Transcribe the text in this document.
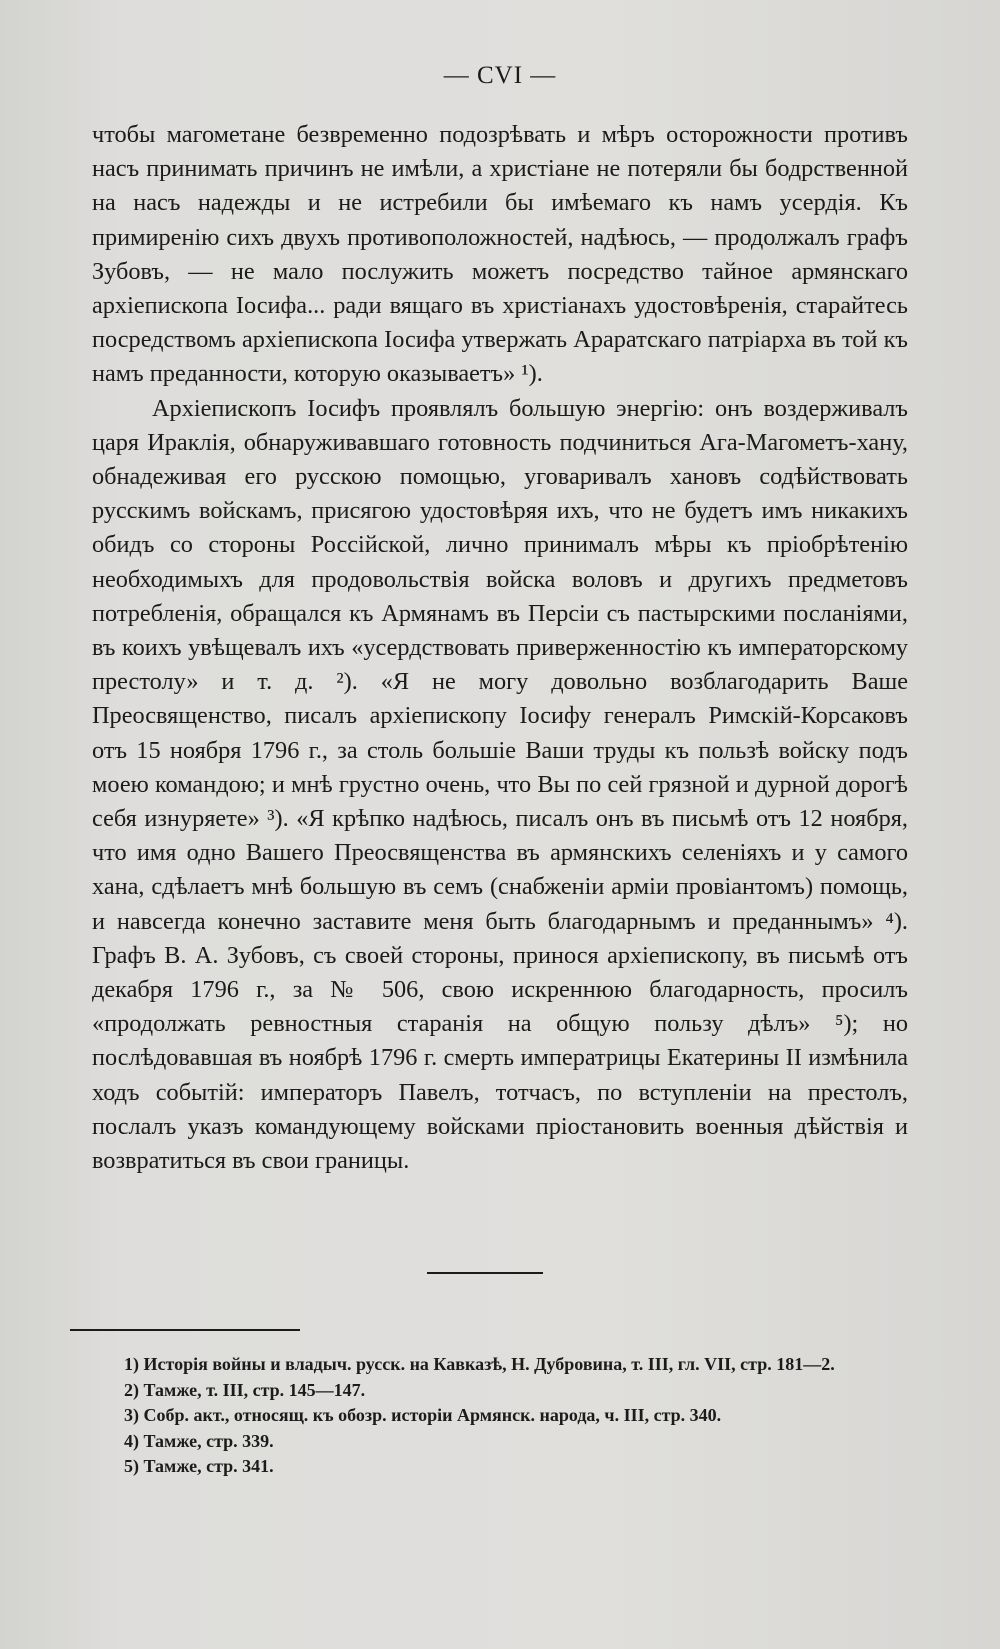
— CVI —

чтобы магометане безвременно подозрѣвать и мѣръ осторожности противъ насъ принимать причинъ не имѣли, а христiане не потеряли бы бодрственной на насъ надежды и не истребили бы имѣемаго къ намъ усердiя. Къ примиренiю сихъ двухъ противоположностей, надѣюсь, — продолжалъ графъ Зубовъ, — не мало послужить можетъ посредство тайное армянскаго архiепископа Iосифа... ради вящаго въ христiанахъ удостовѣренiя, старайтесь посредствомъ архiепископа Iосифа утвержать Араратскаго патрiарха въ той къ намъ преданности, которую оказываетъ» ¹).

Архiепископъ Iосифъ проявлялъ большую энергiю: онъ воздерживалъ царя Ираклiя, обнаруживавшаго готовность подчиниться Ага-Магометъ-хану, обнадеживая его русскою помощью, уговаривалъ хановъ содѣйствовать русскимъ войскамъ, присягою удостовѣряя ихъ, что не будетъ имъ никакихъ обидъ со стороны Россiйской, лично принималъ мѣры къ прiобрѣтенiю необходимыхъ для продовольствiя войска воловъ и другихъ предметовъ потребленiя, обращался къ Армянамъ въ Персiи съ пастырскими посланiями, въ коихъ увѣщевалъ ихъ «усердствовать приверженностiю къ императорскому престолу» и т. д. ²). «Я не могу довольно возблагодарить Ваше Преосвященство, писалъ архiепископу Iосифу генералъ Римскiй-Корсаковъ отъ 15 ноября 1796 г., за столь большiе Ваши труды къ пользѣ войску подъ моею командою; и мнѣ грустно очень, что Вы по сей грязной и дурной дорогѣ себя изнуряете» ³). «Я крѣпко надѣюсь, писалъ онъ въ письмѣ отъ 12 ноября, что имя одно Вашего Преосвященства въ армянскихъ селенiяхъ и у самого хана, сдѣлаетъ мнѣ большую въ семъ (снабженiи армiи провiантомъ) помощь, и навсегда конечно заставите меня быть благодарнымъ и преданнымъ» ⁴). Графъ В. А. Зубовъ, съ своей стороны, принося архiепископу, въ письмѣ отъ декабря 1796 г., за № 506, свою искреннюю благодарность, просилъ «продолжать ревностныя старанiя на общую пользу дѣлъ» ⁵); но послѣдовавшая въ ноябрѣ 1796 г. смерть императрицы Екатерины II измѣнила ходъ событiй: императоръ Павелъ, тотчасъ, по вступленiи на престолъ, послалъ указъ командующему войсками прiостановить военныя дѣйствiя и возвратиться въ свои границы.

1) Исторiя войны и владыч. русск. на Кавказѣ, Н. Дубровина, т. III, гл. VII, стр. 181—2.

2) Тамже, т. III, стр. 145—147.

3) Собр. акт., относящ. къ обозр. исторiи Армянск. народа, ч. III, стр. 340.

4) Тамже, стр. 339.

5) Тамже, стр. 341.
